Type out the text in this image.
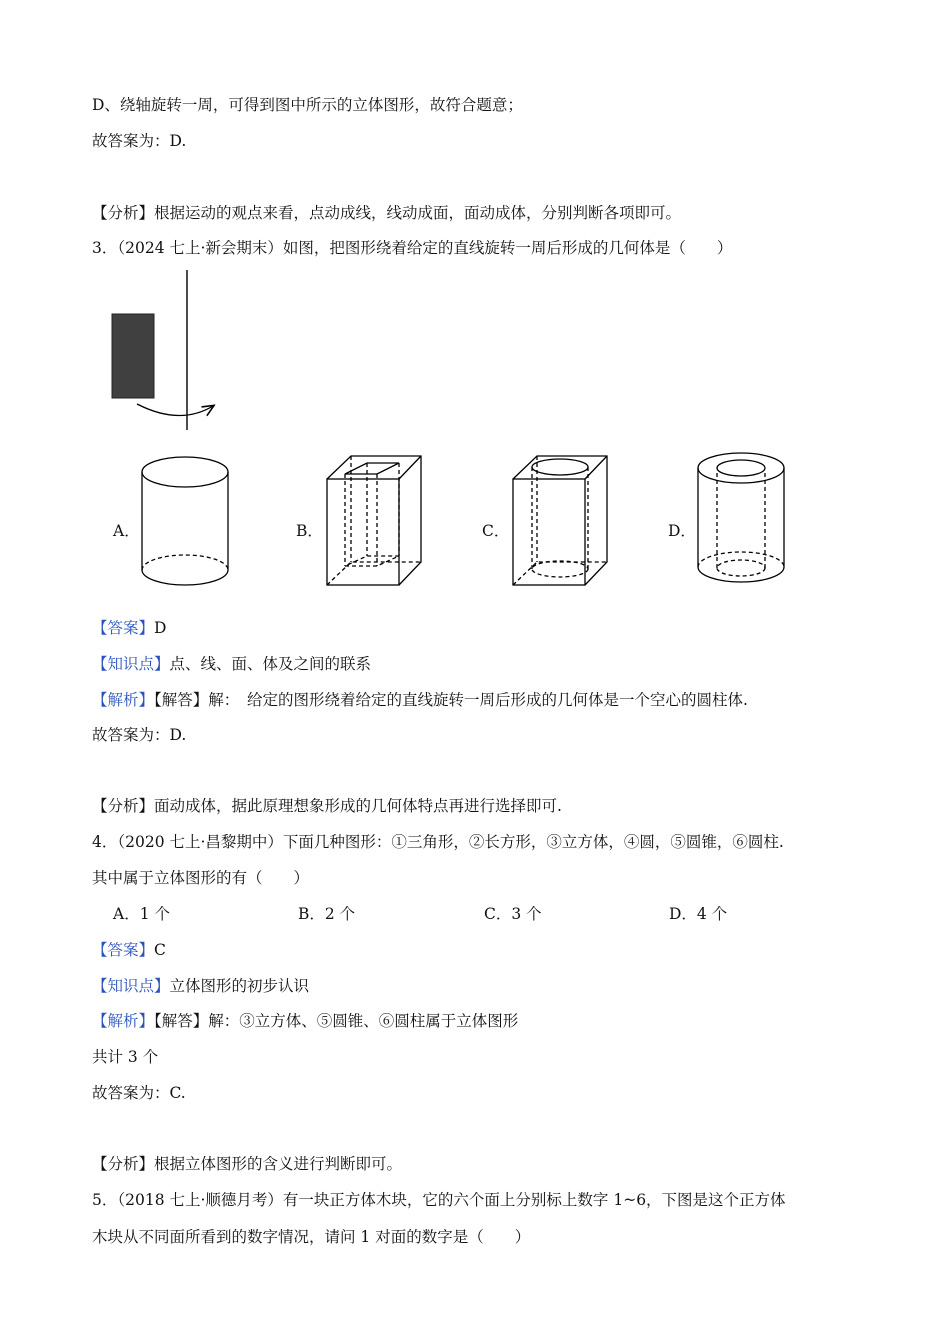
D、绕轴旋转一周，可得到图中所示的立体图形，故符合题意；
故答案为：D.
【分析】根据运动的观点来看，点动成线，线动成面，面动成体，分别判断各项即可。
3．（2024 七上·新会期末）如图，把图形绕着给定的直线旋转一周后形成的几何体是（　　）
A．	B．	C．	D．
【答案】D
【知识点】点、线、面、体及之间的联系
【解析】【解答】解：　给定的图形绕着给定的直线旋转一周后形成的几何体是一个空心的圆柱体.
故答案为：D.
【分析】面动成体，据此原理想象形成的几何体特点再进行选择即可.
4．（2020 七上·昌黎期中）下面几种图形：①三角形，②长方形，③立方体，④圆，⑤圆锥，⑥圆柱.
其中属于立体图形的有（　　）
A．1 个	B．2 个	C．3 个	D．4 个
【答案】C
【知识点】立体图形的初步认识
【解析】【解答】解：③立方体、⑤圆锥、⑥圆柱属于立体图形
共计 3 个
故答案为：C.
【分析】根据立体图形的含义进行判断即可。
5．（2018 七上·顺德月考）有一块正方体木块，它的六个面上分别标上数字 1~6，下图是这个正方体
木块从不同面所看到的数字情况，请问 1 对面的数字是（　　）
